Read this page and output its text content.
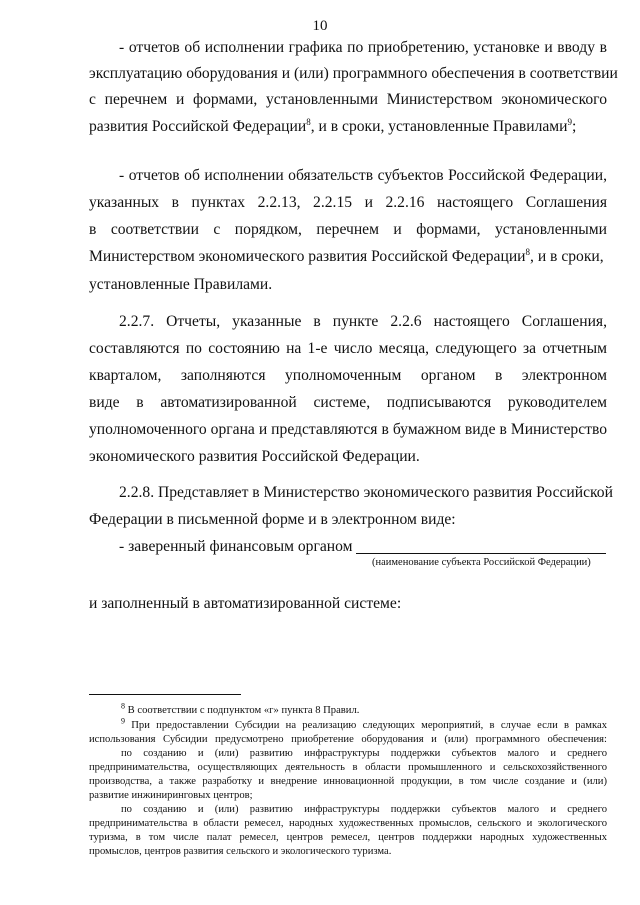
10
- отчетов об исполнении графика по приобретению, установке и вводу в
эксплуатацию оборудования и (или) программного обеспечения в соответствии
с перечнем и формами, установленными Министерством экономического
развития Российской Федерации$^8$, и в сроки, установленные Правилами$^9$;
- отчетов об исполнении обязательств субъектов Российской Федерации,
указанных в пунктах 2.2.13, 2.2.15 и 2.2.16 настоящего Соглашения
в соответствии с порядком, перечнем и формами, установленными
Министерством экономического развития Российской Федерации$^8$, и в сроки,
установленные Правилами.
2.2.7. Отчеты, указанные в пункте 2.2.6 настоящего Соглашения,
составляются по состоянию на 1-е число месяца, следующего за отчетным
кварталом, заполняются уполномоченным органом в электронном
виде в автоматизированной системе, подписываются руководителем
уполномоченного органа и представляются в бумажном виде в Министерство
экономического развития Российской Федерации.
2.2.8. Представляет в Министерство экономического развития Российской
Федерации в письменной форме и в электронном виде:
- заверенный финансовым органом
(наименование субъекта Российской Федерации)
и заполненный в автоматизированной системе:
$^8$ В соответствии с подпунктом «г» пункта 8 Правил.
$^9$ При предоставлении Субсидии на реализацию следующих мероприятий, в случае если в рамках
использования Субсидии предусмотрено приобретение оборудования и (или) программного обеспечения:
по созданию и (или) развитию инфраструктуры поддержки субъектов малого и среднего
предпринимательства, осуществляющих деятельность в области промышленного и сельскохозяйственного
производства, а также разработку и внедрение инновационной продукции, в том числе создание и (или)
развитие инжиниринговых центров;
по созданию и (или) развитию инфраструктуры поддержки субъектов малого и среднего
предпринимательства в области ремесел, народных художественных промыслов, сельского и экологического
туризма, в том числе палат ремесел, центров ремесел, центров поддержки народных художественных
промыслов, центров развития сельского и экологического туризма.
